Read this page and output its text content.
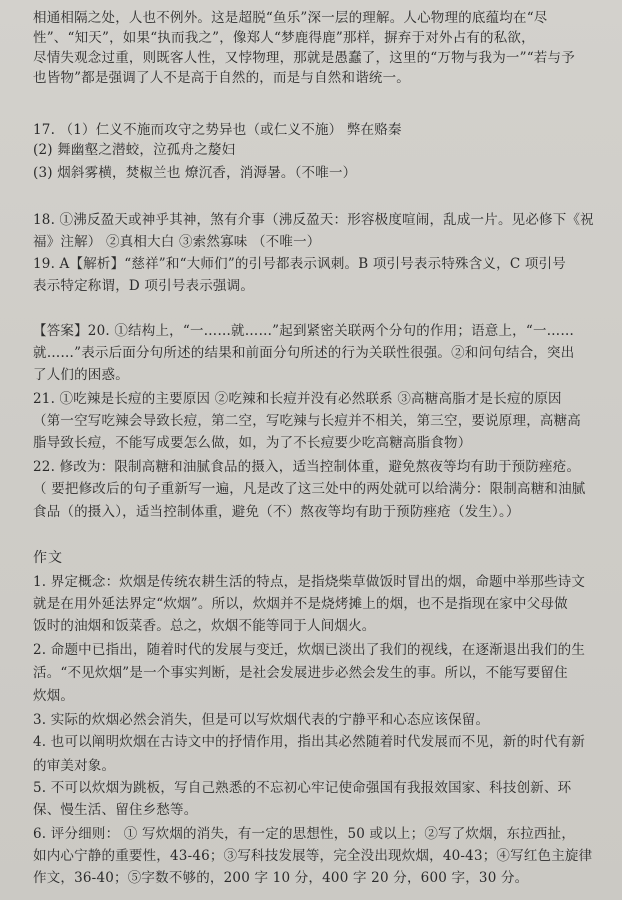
相通相隔之处，人也不例外。这是超脱“鱼乐”深一层的理解。人心物理的底蕴均在“尽
性”、“知天”，如果“执而我之”，像郑人“梦鹿得鹿”那样，摒弃于对外占有的私欲，
尽情失观念过重，则既客人性，又悖物理，那就是愚蠢了，这里的“万物与我为一”“若与予
也皆物”都是强调了人不是高于自然的，而是与自然和谐统一。
17. （1）仁义不施而攻守之势异也（或仁义不施） 弊在赂秦
(2) 舞幽壑之潜蛟，泣孤舟之嫠妇
(3) 烟斜雾横，焚椒兰也 燎沉香，消溽暑。（不唯一）
18. ①沸反盈天或神乎其神，煞有介事（沸反盈天：形容极度喧闹，乱成一片。见必修下《祝
福》注解） ②真相大白 ③索然寡味 （不唯一）
19. A【解析】“慈祥”和“大师们”的引号都表示讽刺。B 项引号表示特殊含义，C 项引号
表示特定称谓，D 项引号表示强调。
【答案】20. ①结构上，“一……就……”起到紧密关联两个分句的作用；语意上，“一……
就……”表示后面分句所述的结果和前面分句所述的行为关联性很强。②和问句结合，突出
了人们的困惑。
21. ①吃辣是长痘的主要原因 ②吃辣和长痘并没有必然联系 ③高糖高脂才是长痘的原因
（第一空写吃辣会导致长痘，第二空，写吃辣与长痘并不相关，第三空，要说原理，高糖高
脂导致长痘，不能写成要怎么做，如，为了不长痘要少吃高糖高脂食物）
22. 修改为：限制高糖和油腻食品的摄入，适当控制体重，避免熬夜等均有助于预防痤疮。
（ 要把修改后的句子重新写一遍，凡是改了这三处中的两处就可以给满分：限制高糖和油腻
食品（的摄入），适当控制体重，避免（不）熬夜等均有助于预防痤疮（发生）。）
作文
1. 界定概念：炊烟是传统农耕生活的特点，是指烧柴草做饭时冒出的烟，命题中举那些诗文
就是在用外延法界定“炊烟”。所以，炊烟并不是烧烤摊上的烟，也不是指现在家中父母做
饭时的油烟和饭菜香。总之，炊烟不能等同于人间烟火。
2. 命题中已指出，随着时代的发展与变迁，炊烟已淡出了我们的视线，在逐渐退出我们的生
活。“不见炊烟”是一个事实判断，是社会发展进步必然会发生的事。所以，不能写要留住
炊烟。
3. 实际的炊烟必然会消失，但是可以写炊烟代表的宁静平和心态应该保留。
4. 也可以阐明炊烟在古诗文中的抒情作用，指出其必然随着时代发展而不见，新的时代有新
的审美对象。
5. 不可以炊烟为跳板，写自己熟悉的不忘初心牢记使命强国有我报效国家、科技创新、环
保、慢生活、留住乡愁等。
6. 评分细则： ① 写炊烟的消失，有一定的思想性，50 或以上；②写了炊烟，东拉西扯，
如内心宁静的重要性，43-46；③写科技发展等，完全没出现炊烟，40-43；④写红色主旋律
作文，36-40；⑤字数不够的，200 字 10 分，400 字 20 分，600 字，30 分。
